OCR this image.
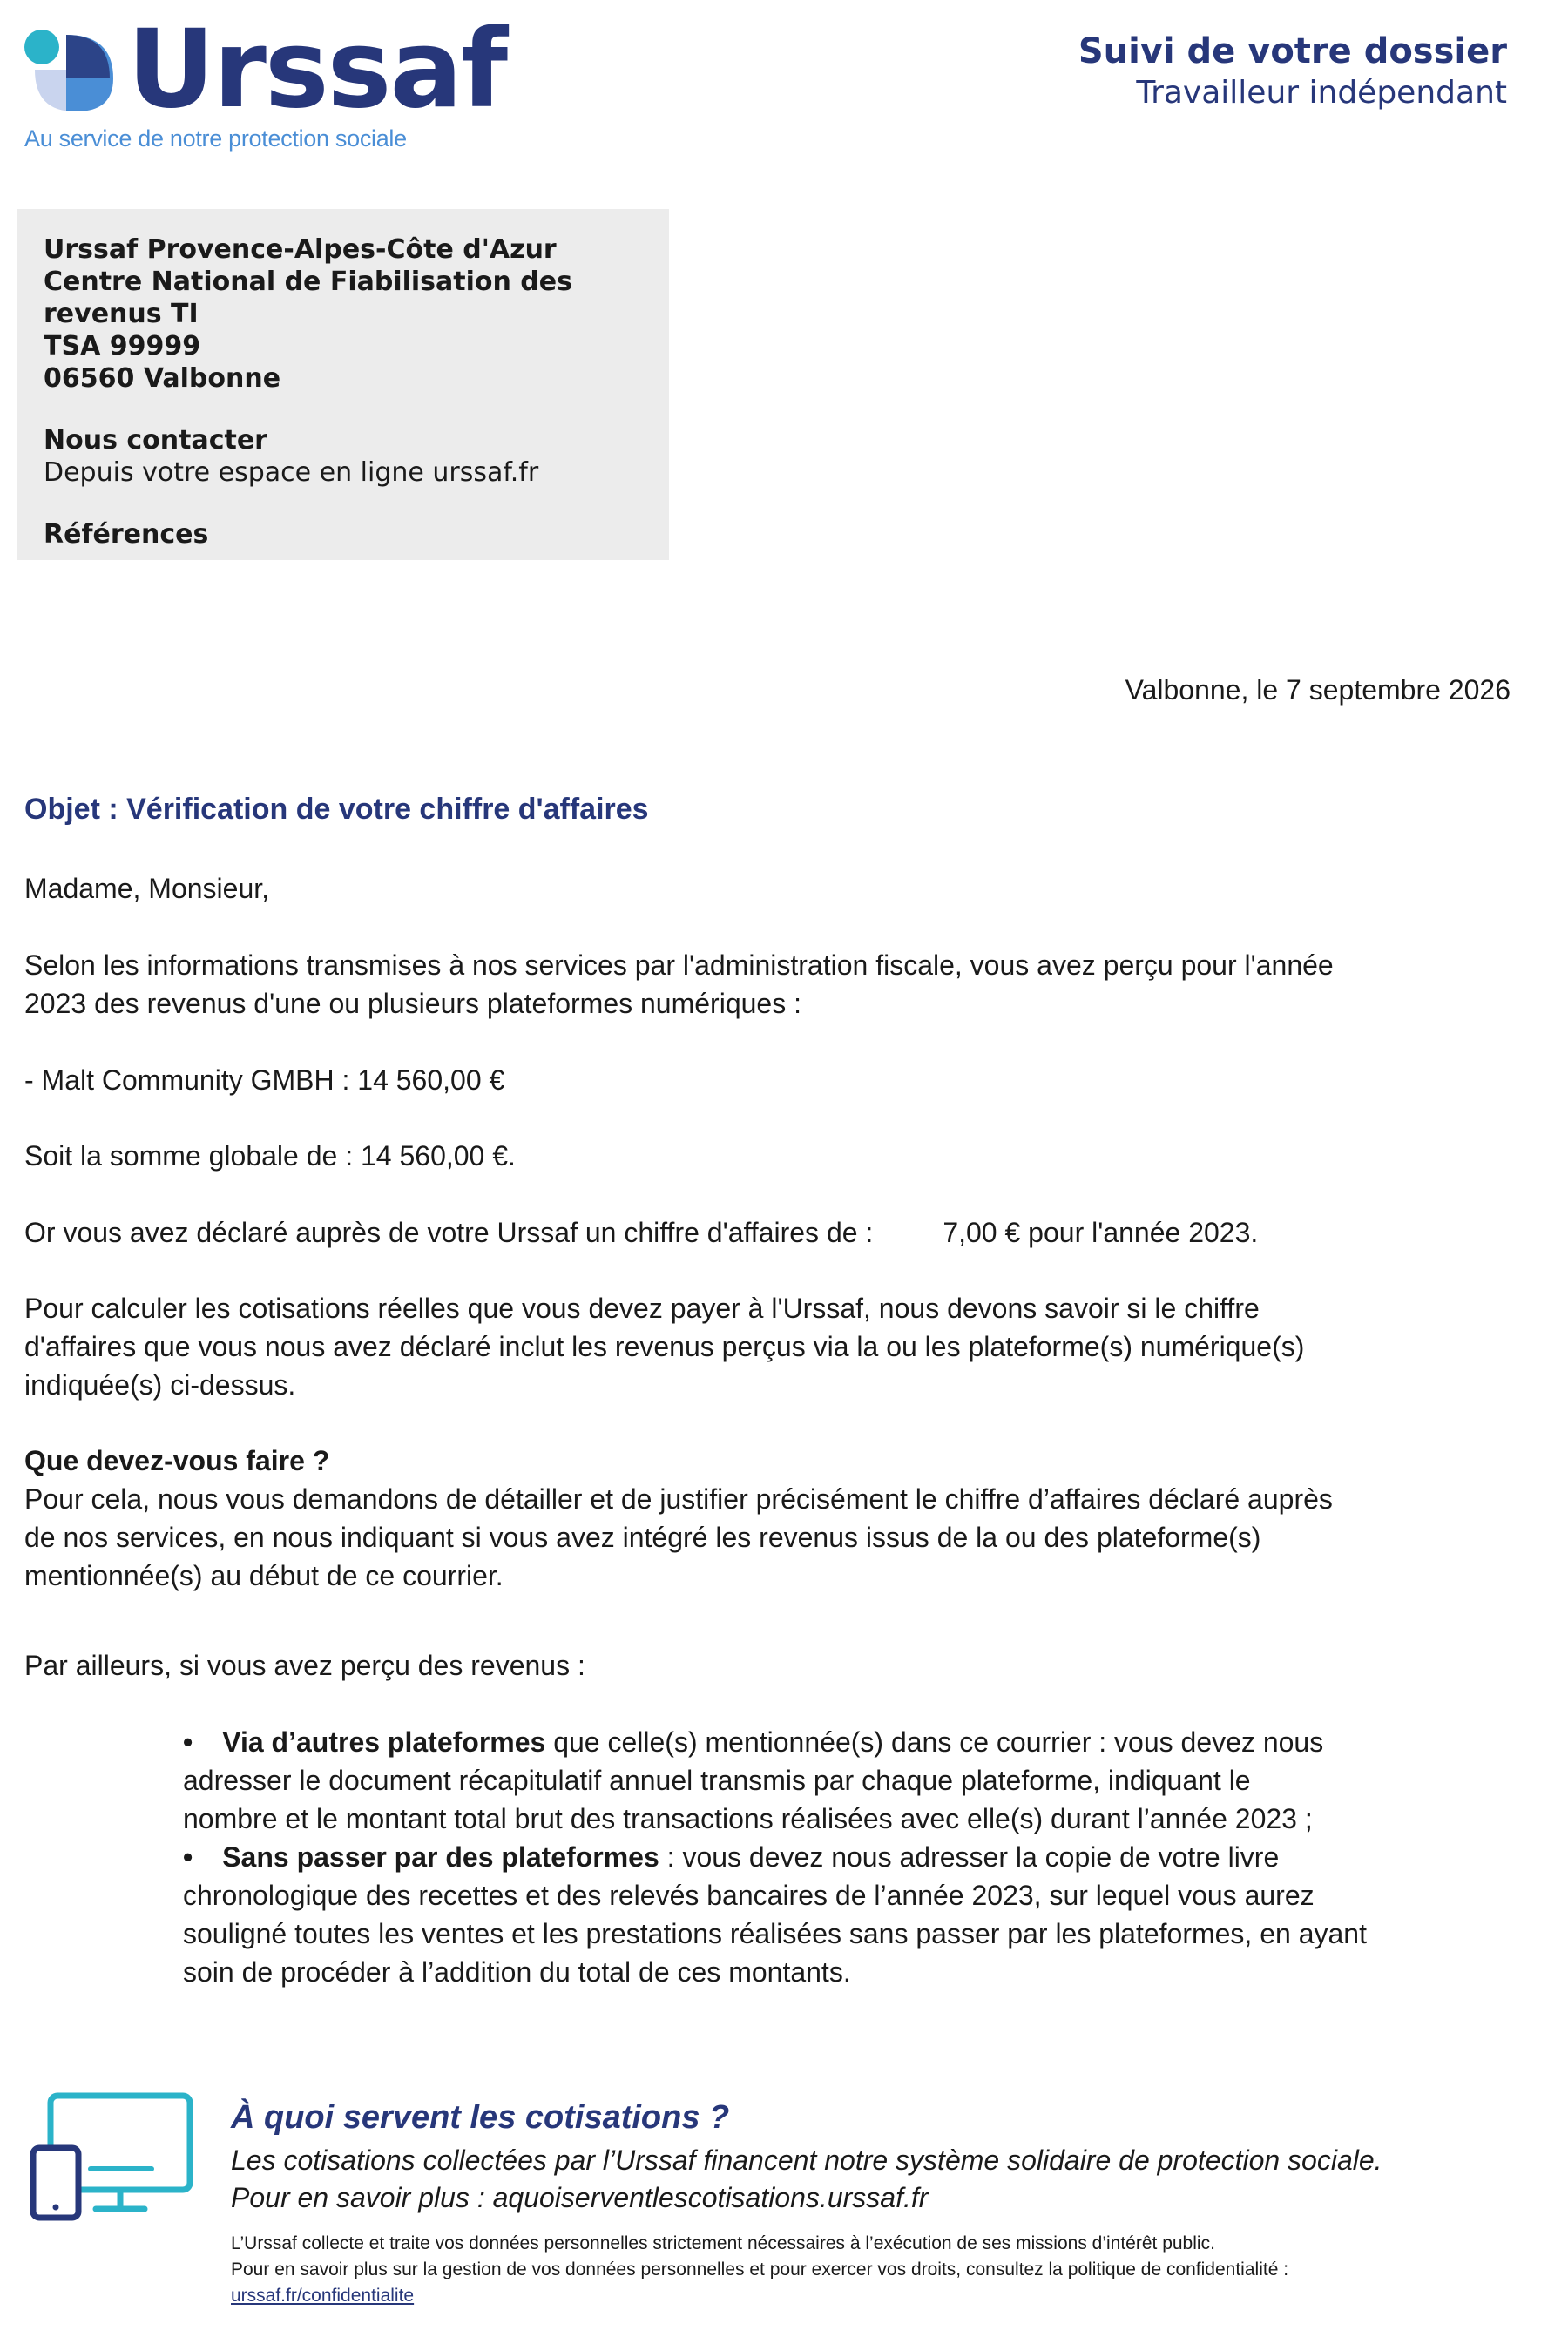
Urssaf
Au service de notre protection sociale
Suivi de votre dossier
Travailleur indépendant
Urssaf Provence-Alpes-Côte d'Azur
Centre National de Fiabilisation des
revenus TI
TSA 99999
06560 Valbonne
Nous contacter
Depuis votre espace en ligne urssaf.fr
Références
Valbonne, le 7 septembre 2026
Objet : Vérification de votre chiffre d'affaires
Madame, Monsieur,
Selon les informations transmises à nos services par l'administration fiscale, vous avez perçu pour l'année
2023 des revenus d'une ou plusieurs plateformes numériques :
- Malt Community GMBH : 14 560,00 €
Soit la somme globale de : 14 560,00 €.
Or vous avez déclaré auprès de votre Urssaf un chiffre d'affaires de :	7,00 € pour l'année 2023.
Pour calculer les cotisations réelles que vous devez payer à l'Urssaf, nous devons savoir si le chiffre
d'affaires que vous nous avez déclaré inclut les revenus perçus via la ou les plateforme(s) numérique(s)
indiquée(s) ci-dessus.
Que devez-vous faire ?
Pour cela, nous vous demandons de détailler et de justifier précisément le chiffre d’affaires déclaré auprès
de nos services, en nous indiquant si vous avez intégré les revenus issus de la ou des plateforme(s)
mentionnée(s) au début de ce courrier.
Par ailleurs, si vous avez perçu des revenus :
• Via d’autres plateformes que celle(s) mentionnée(s) dans ce courrier : vous devez nous
adresser le document récapitulatif annuel transmis par chaque plateforme, indiquant le
nombre et le montant total brut des transactions réalisées avec elle(s) durant l’année 2023 ;
• Sans passer par des plateformes : vous devez nous adresser la copie de votre livre
chronologique des recettes et des relevés bancaires de l’année 2023, sur lequel vous aurez
souligné toutes les ventes et les prestations réalisées sans passer par les plateformes, en ayant
soin de procéder à l’addition du total de ces montants.
À quoi servent les cotisations ?
Les cotisations collectées par l’Urssaf financent notre système solidaire de protection sociale.
Pour en savoir plus : aquoiserventlescotisations.urssaf.fr
L’Urssaf collecte et traite vos données personnelles strictement nécessaires à l’exécution de ses missions d’intérêt public.
Pour en savoir plus sur la gestion de vos données personnelles et pour exercer vos droits, consultez la politique de confidentialité :
urssaf.fr/confidentialite
